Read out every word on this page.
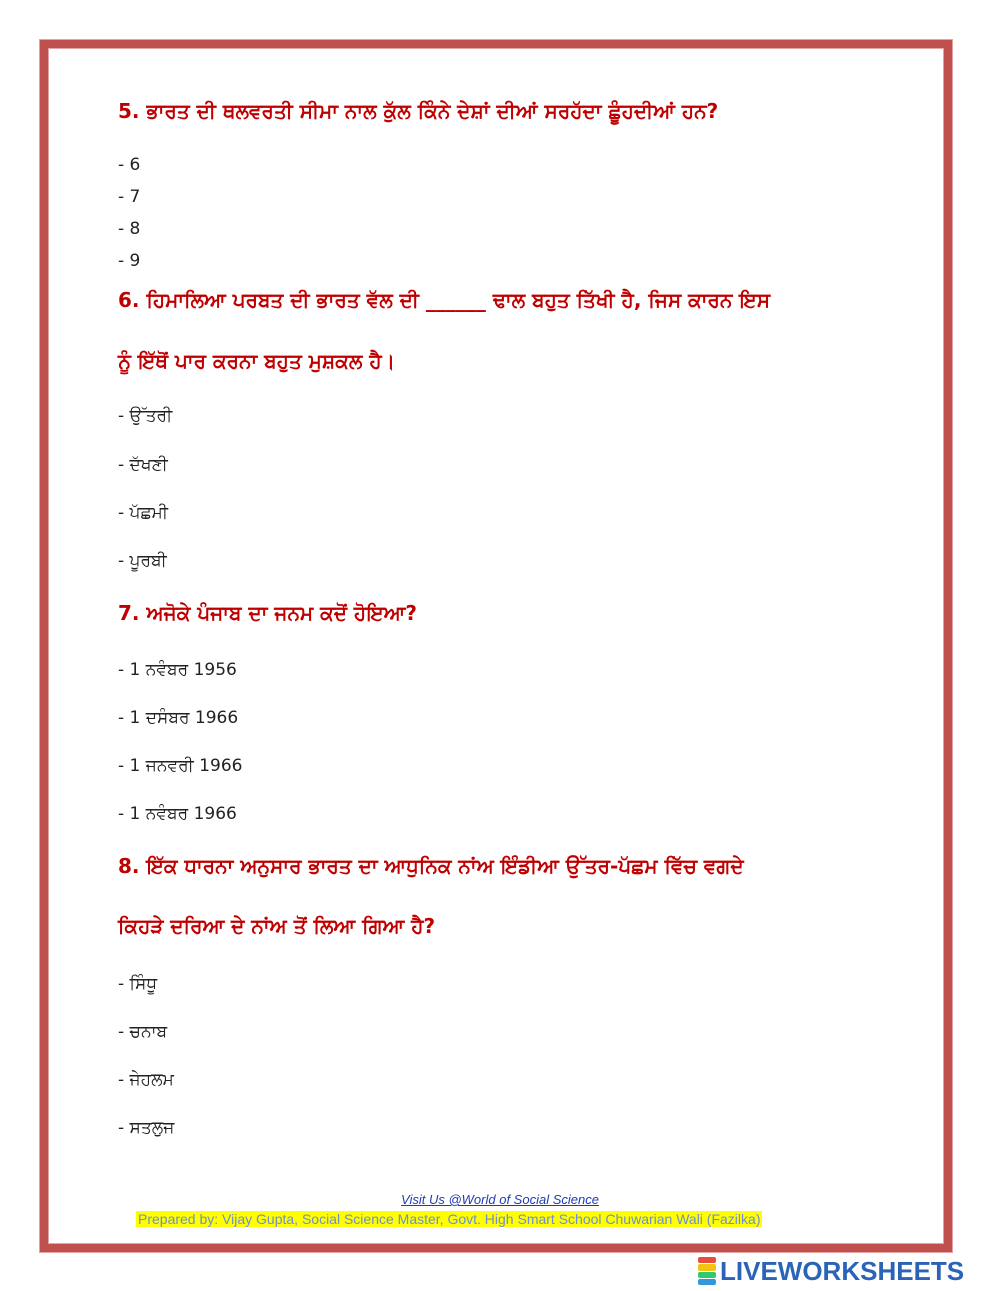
5. ਭਾਰਤ ਦੀ ਥਲਵਰਤੀ ਸੀਮਾ ਨਾਲ ਕੁੱਲ ਕਿੰਨੇ ਦੇਸ਼ਾਂ ਦੀਆਂ ਸਰਹੱਦਾ ਛੂੰਹਦੀਆਂ ਹਨ?
- 6
- 7
- 8
- 9
6. ਹਿਮਾਲਿਆ ਪਰਬਤ ਦੀ ਭਾਰਤ ਵੱਲ ਦੀ ______ ਢਾਲ ਬਹੁਤ ਤਿੱਖੀ ਹੈ, ਜਿਸ ਕਾਰਨ ਇਸ
ਨੂੰ ਇੱਥੋਂ ਪਾਰ ਕਰਨਾ ਬਹੁਤ ਮੁਸ਼ਕਲ ਹੈ।
- ਉੱਤਰੀ
- ਦੱਖਣੀ
- ਪੱਛਮੀ
- ਪੂਰਬੀ
7. ਅਜੋਕੇ ਪੰਜਾਬ ਦਾ ਜਨਮ ਕਦੋਂ ਹੋਇਆ?
- 1 ਨਵੰਬਰ 1956
- 1 ਦਸੰਬਰ 1966
- 1 ਜਨਵਰੀ 1966
- 1 ਨਵੰਬਰ 1966
8. ਇੱਕ ਧਾਰਨਾ ਅਨੁਸਾਰ ਭਾਰਤ ਦਾ ਆਧੁਨਿਕ ਨਾਂਅ ਇੰਡੀਆ ਉੱਤਰ-ਪੱਛਮ ਵਿੱਚ ਵਗਦੇ
ਕਿਹੜੇ ਦਰਿਆ ਦੇ ਨਾਂਅ ਤੋਂ ਲਿਆ ਗਿਆ ਹੈ?
- ਸਿੰਧੂ
- ਚਨਾਬ
- ਜੇਹਲਮ
- ਸਤਲੁਜ
Visit Us @World of Social Science
Prepared by: Vijay Gupta, Social Science Master, Govt. High Smart School Chuwarian Wali (Fazilka)
LIVEWORKSHEETS
